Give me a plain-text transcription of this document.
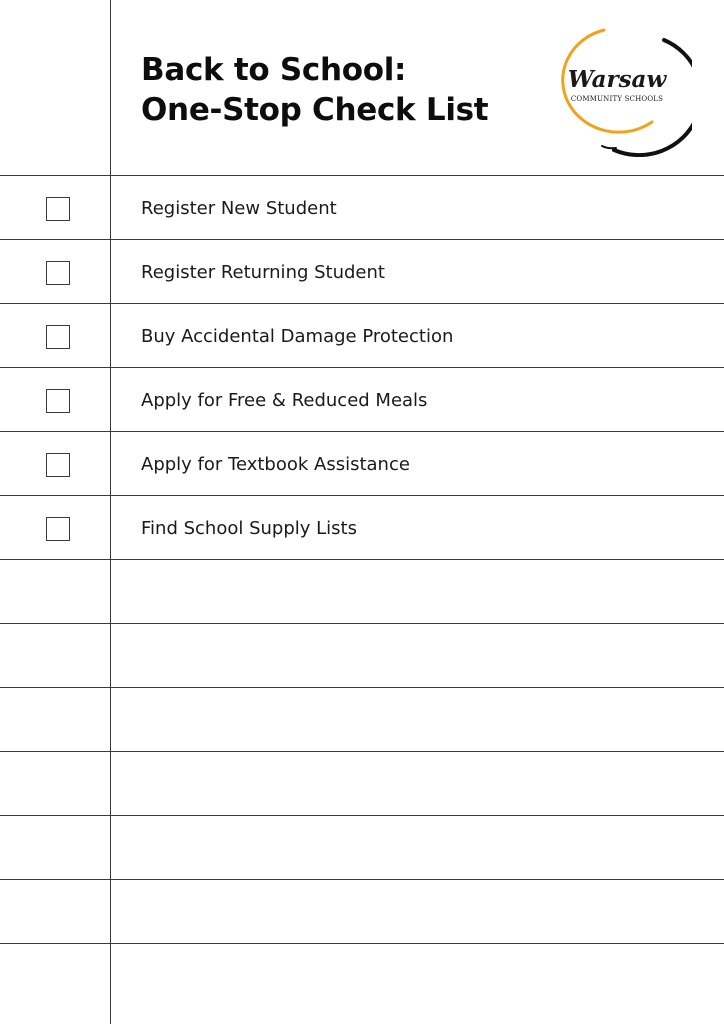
Back to School:
One-Stop Check List
Warsaw
COMMUNITY SCHOOLS
Register New Student
Register Returning Student
Buy Accidental Damage Protection
Apply for Free & Reduced Meals
Apply for Textbook Assistance
Find School Supply Lists
